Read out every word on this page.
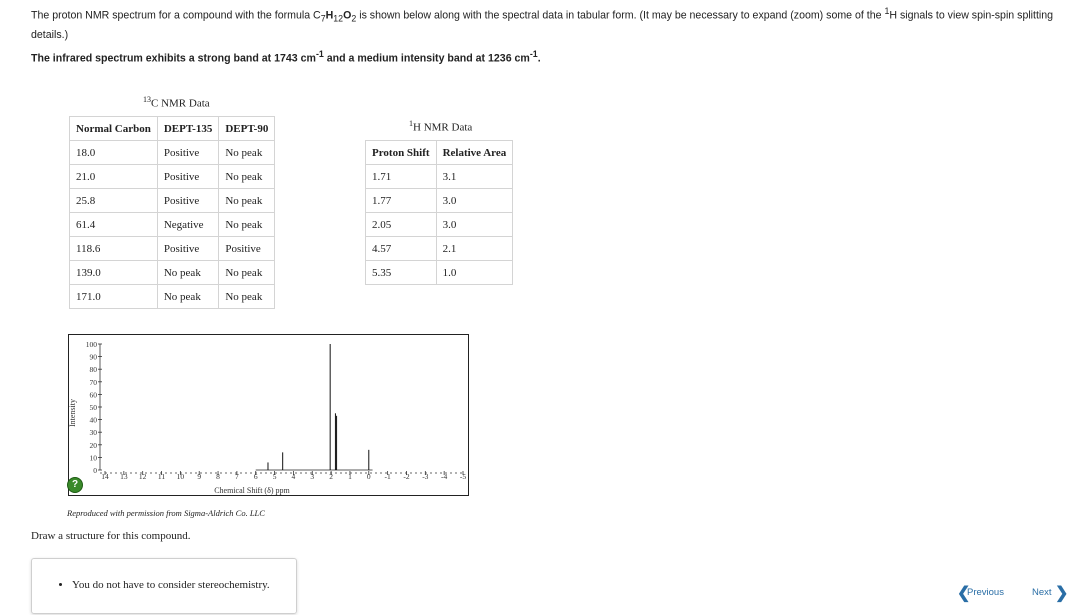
The proton NMR spectrum for a compound with the formula $C_7H_{12}O_2$ is shown below along with the spectral data in tabular form. (It may be necessary to expand (zoom) some of the $^1$H signals to view spin-spin splitting details.)
The infrared spectrum exhibits a strong band at 1743 $cm^{-1}$ and a medium intensity band at 1236 $cm^{-1}$.
$^{13}$C NMR Data
Normal Carbon	DEPT-135	DEPT-90
18.0	Positive	No peak
21.0	Positive	No peak
25.8	Positive	No peak
61.4	Negative	No peak
118.6	Positive	Positive
139.0	No peak	No peak
171.0	No peak	No peak
$^1$H NMR Data
Proton Shift	Relative Area
1.71	3.1
1.77	3.0
2.05	3.0
4.57	2.1
5.35	1.0
0
10
20
30
40
50
60
70
80
90
100
14 13 12 11 10 9 8 7 6 5 4 3 2 1 0 -1 -2 -3 -4 -5
Chemical Shift (δ) ppm
Intensity
?
Reproduced with permission from Sigma-Aldrich Co. LLC
Draw a structure for this compound.
• You do not have to consider stereochemistry.	❮
Previous	Next ❯
